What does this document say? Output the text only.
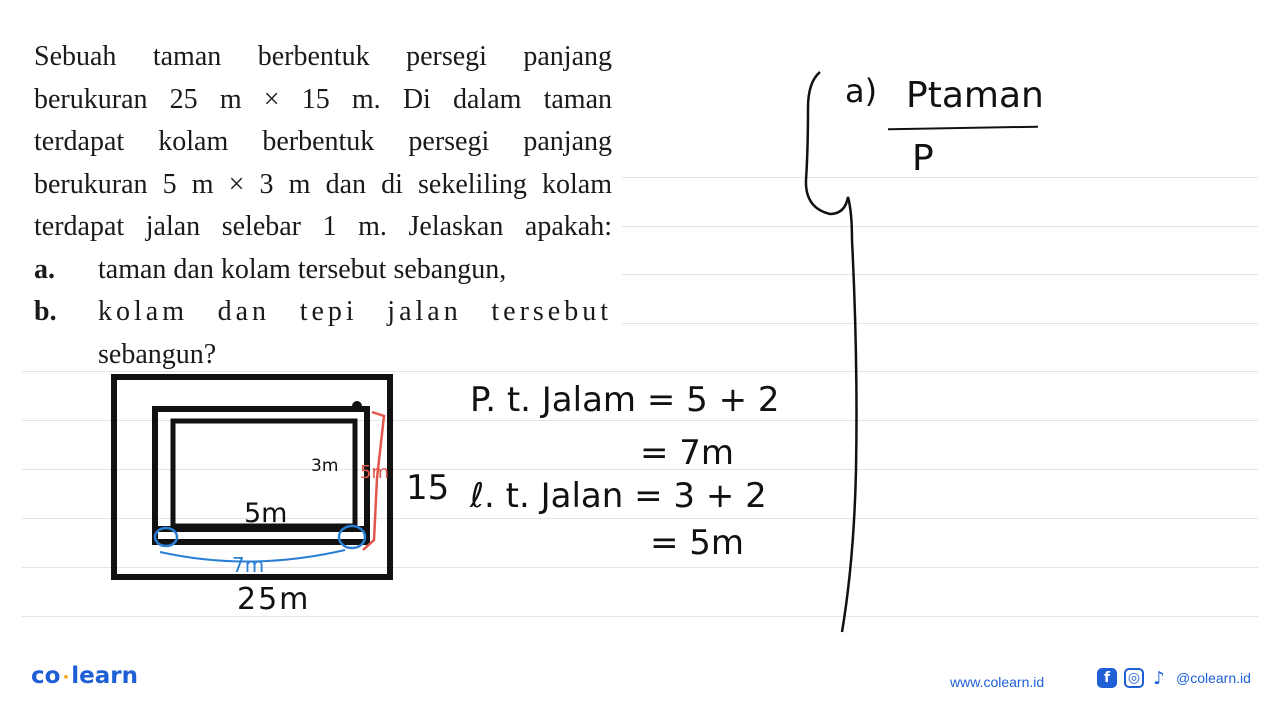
Sebuah taman berbentuk persegi panjang
berukuran 25 m × 15 m. Di dalam taman
terdapat kolam berbentuk persegi panjang
berukuran 5 m × 3 m dan di sekeliling kolam
terdapat jalan selebar 1 m. Jelaskan apakah:
a.	taman dan kolam tersebut sebangun,
b.	kolam dan tepi jalan tersebut
sebangun?
3m 5m
5m
7m
15
25m
P. t. Jalam = 5 + 2
= 7m
ℓ. t. Jalan = 3 + 2
= 5m
a) Ptaman
P
co ·learn	www.colearn.id	f	◎ ♪ @colearn.id
